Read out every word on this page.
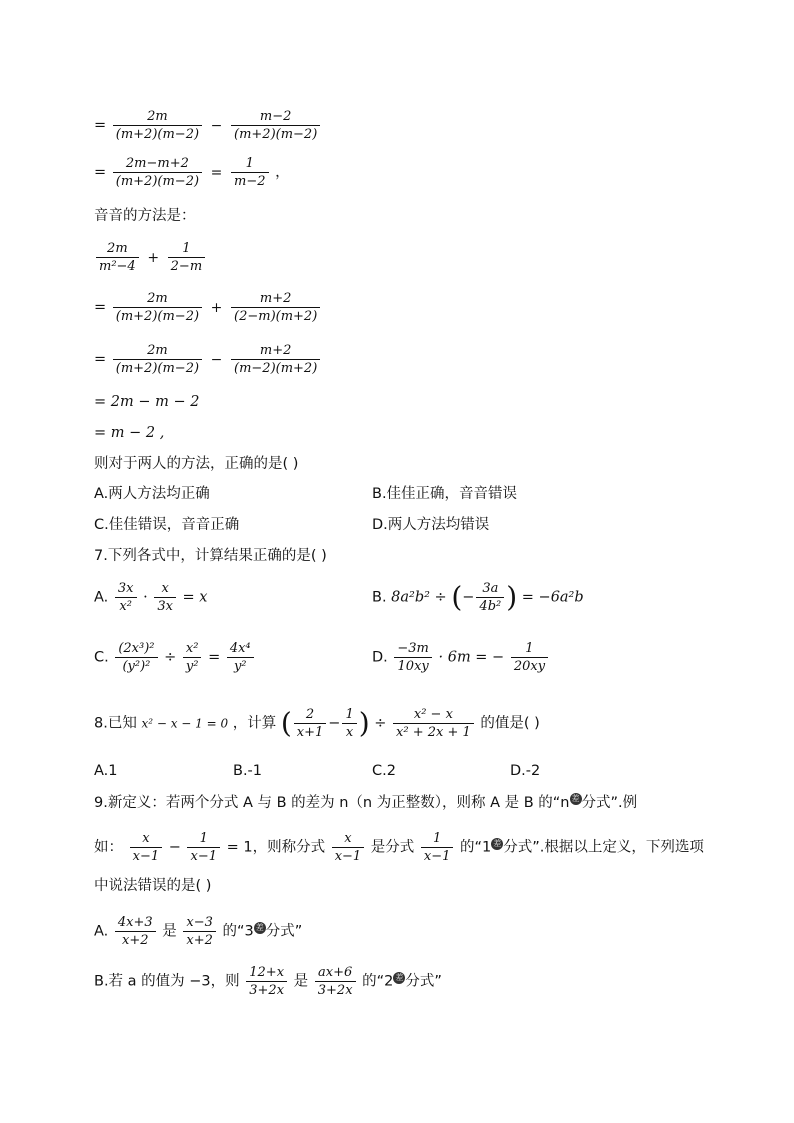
= $\frac{2m}{(m+2)(m-2)} - \frac{m-2}{(m+2)(m-2)}$
= $\frac{2m-m+2}{(m+2)(m-2)} = \frac{1}{m-2}$ ，
音音的方法是：
$\frac{2m}{\text{m²−4}} + \frac{1}{2-m}$
= $\frac{2m}{(m+2)(m-2)} + \frac{m+2}{(2-m)(m+2)}$
= $\frac{2m}{(m+2)(m-2)} - \frac{m+2}{(m-2)(m+2)}$
= 2m − m − 2
= m − 2 ,
则对于两人的方法，正确的是( )
A.两人方法均正确	B.佳佳正确，音音错误
C.佳佳错误，音音正确	D.两人方法均错误
7.下列各式中，计算结果正确的是( )
A. $\frac{3x}{\text{x²}} \cdot \frac{x}{3x} = x$	B. 8a²b² ÷ (− $\frac{3a}{\text{4b²}}$ ) = −6a²b
C. $\frac{\text{(2x³)²}}{\text{(y²)²}} \div \frac{\text{x²}}{\text{y²}} = \frac{\text{4x⁴}}{\text{y²}}$	D. $\frac{-3m}{10xy} \cdot 6m$ = − $\frac{1}{20xy}$
8.已知 x² − x − 1 = 0 ，计算 ( $\frac{2}{x+1} - \frac{1}{x}$ ) ÷ $\frac{\text{x² − x}}{\text{x² + 2x + 1}}$ 的值是( )
A.1	B.-1	C.2	D.-2
9.新定义：若两个分式 A 与 B 的差为 n（n 为正整数），则称 A 是 B 的“n 差 分式”.例
如： $\frac{x}{x-1} - \frac{1}{x-1} = 1$，则称分式 $\frac{x}{x-1}$ 是分式 $\frac{1}{x-1}$ 的“1 差 分式”.根据以上定义，下列选项
中说法错误的是( )
A. $\frac{4x+3}{x+2}$ 是 $\frac{x-3}{x+2}$ 的“3 差 分式”
B.若 a 的值为 −3，则 $\frac{12+x}{3+2x}$ 是 $\frac{ax+6}{3+2x}$ 的“2 差 分式”
